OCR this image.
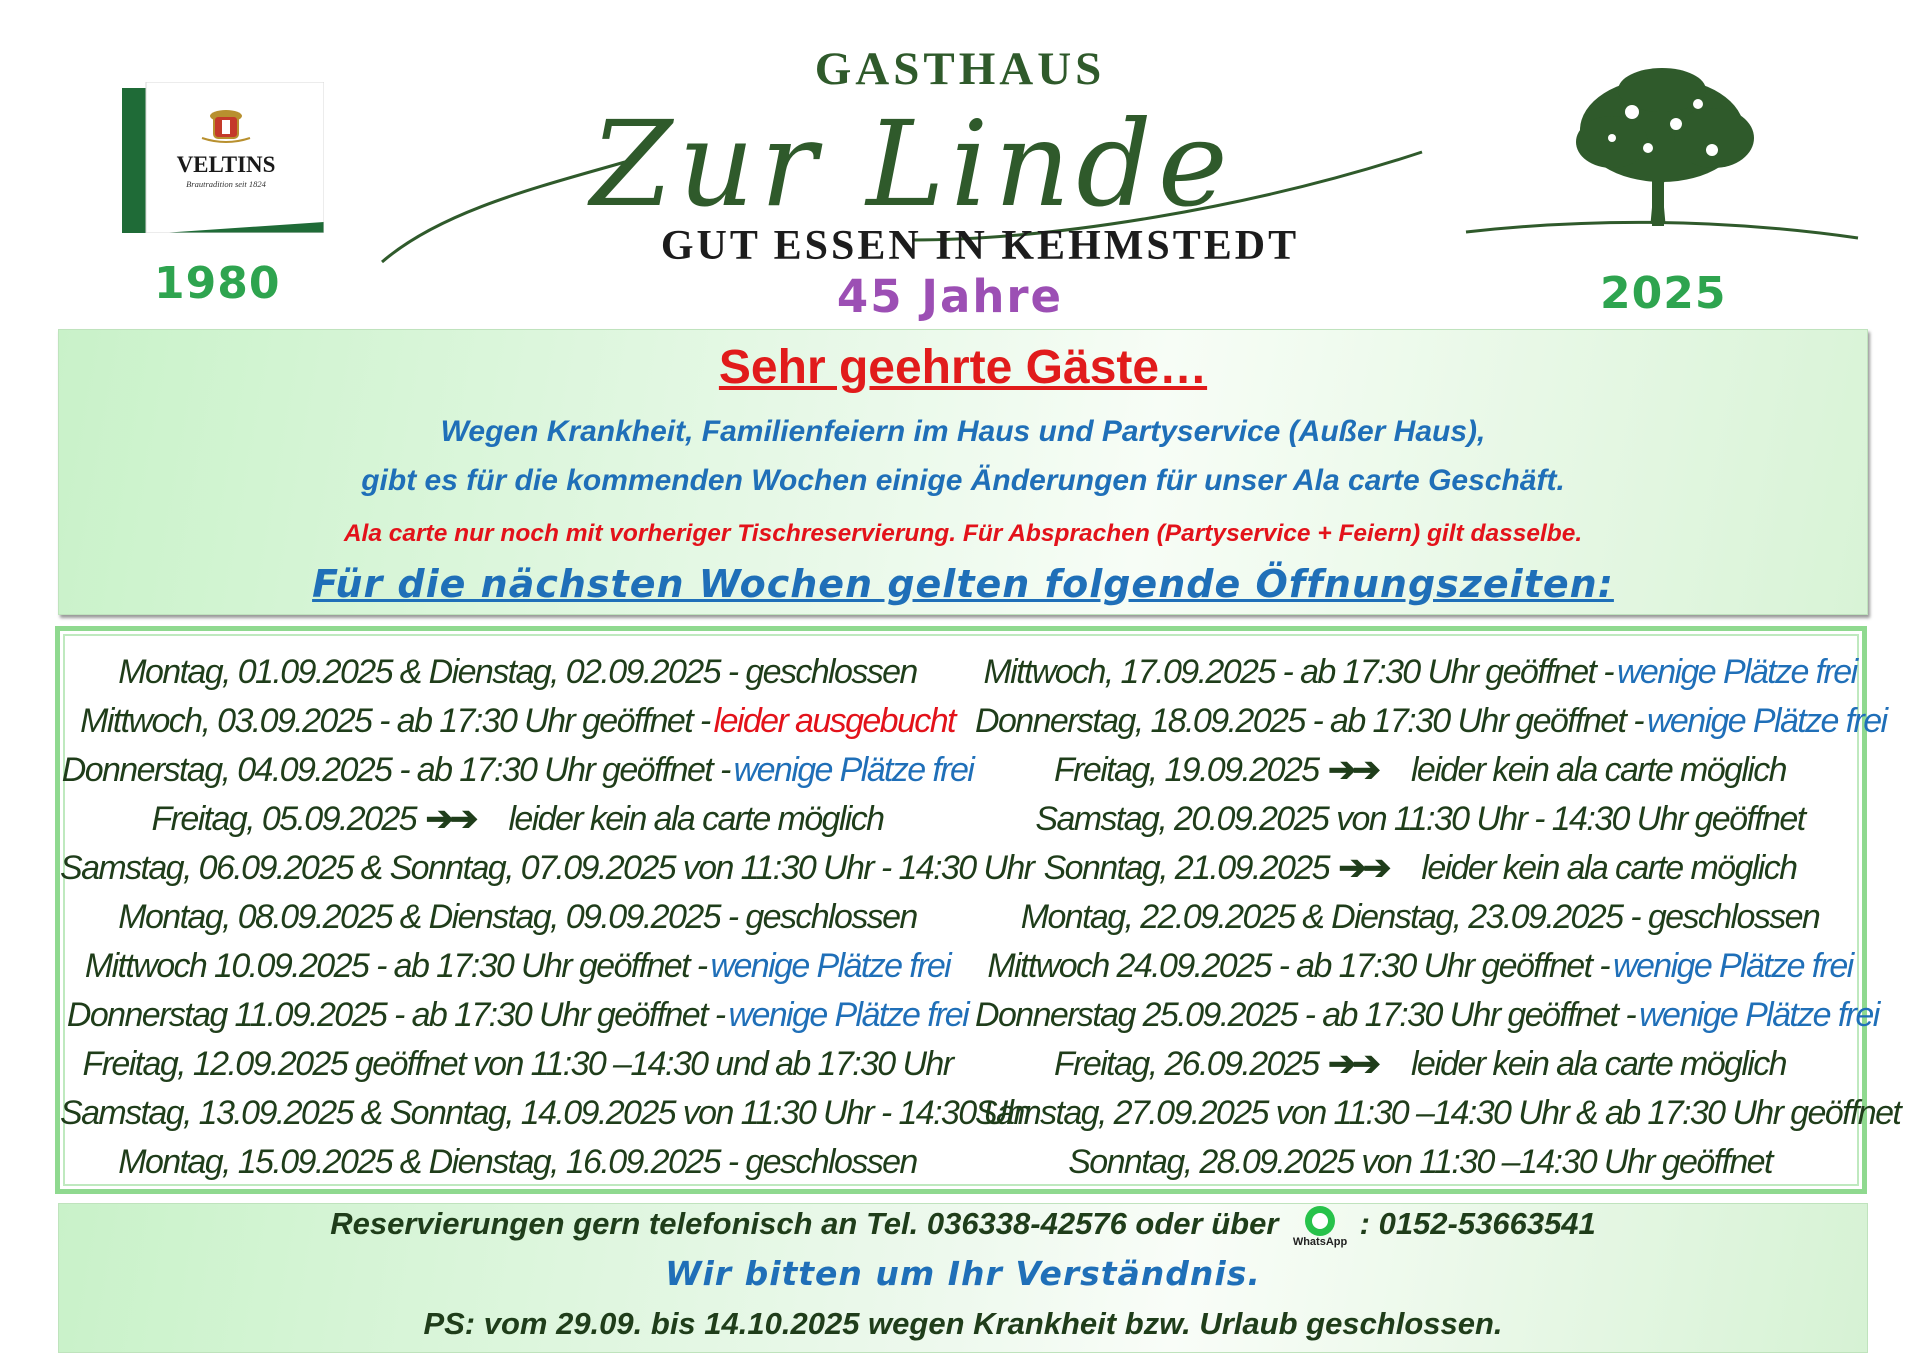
VELTINS
Brautradition seit 1824
1980	2025
GASTHAUS
Zur Linde
GUT ESSEN IN KEHMSTEDT
45 Jahre
Sehr geehrte Gäste…
Wegen Krankheit, Familienfeiern im Haus und Partyservice (Außer Haus),
gibt es für die kommenden Wochen einige Änderungen für unser Ala carte Geschäft.
Ala carte nur noch mit vorheriger Tischreservierung. Für Absprachen (Partyservice + Feiern) gilt dasselbe.
Für die nächsten Wochen gelten folgende Öffnungszeiten:
Montag, 01.09.2025 & Dienstag, 02.09.2025 - geschlossen
Mittwoch, 03.09.2025 - ab 17:30 Uhr geöffnet - leider ausgebucht
Donnerstag, 04.09.2025 - ab 17:30 Uhr geöffnet - wenige Plätze frei
Freitag, 05.09.2025 ➔➔ leider kein ala carte möglich
Samstag, 06.09.2025 & Sonntag, 07.09.2025 von 11:30 Uhr - 14:30 Uhr
Montag, 08.09.2025 & Dienstag, 09.09.2025 - geschlossen
Mittwoch 10.09.2025 - ab 17:30 Uhr geöffnet - wenige Plätze frei
Donnerstag 11.09.2025 - ab 17:30 Uhr geöffnet - wenige Plätze frei
Freitag, 12.09.2025 geöffnet von 11:30 –14:30 und ab 17:30 Uhr
Samstag, 13.09.2025 & Sonntag, 14.09.2025 von 11:30 Uhr - 14:30 Uhr
Montag, 15.09.2025 & Dienstag, 16.09.2025 - geschlossen
Mittwoch, 17.09.2025 - ab 17:30 Uhr geöffnet - wenige Plätze frei
Donnerstag, 18.09.2025 - ab 17:30 Uhr geöffnet - wenige Plätze frei
Freitag, 19.09.2025 ➔➔ leider kein ala carte möglich
Samstag, 20.09.2025 von 11:30 Uhr - 14:30 Uhr geöffnet
Sonntag, 21.09.2025 ➔➔ leider kein ala carte möglich
Montag, 22.09.2025 & Dienstag, 23.09.2025 - geschlossen
Mittwoch 24.09.2025 - ab 17:30 Uhr geöffnet - wenige Plätze frei
Donnerstag 25.09.2025 - ab 17:30 Uhr geöffnet - wenige Plätze frei
Freitag, 26.09.2025 ➔➔ leider kein ala carte möglich
Samstag, 27.09.2025 von 11:30 –14:30 Uhr & ab 17:30 Uhr geöffnet
Sonntag, 28.09.2025 von 11:30 –14:30 Uhr geöffnet
Reservierungen gern telefonisch an Tel. 036338-42576 oder über
WhatsApp
: 0152-53663541
Wir bitten um Ihr Verständnis.
PS: vom 29.09. bis 14.10.2025 wegen Krankheit bzw. Urlaub geschlossen.
